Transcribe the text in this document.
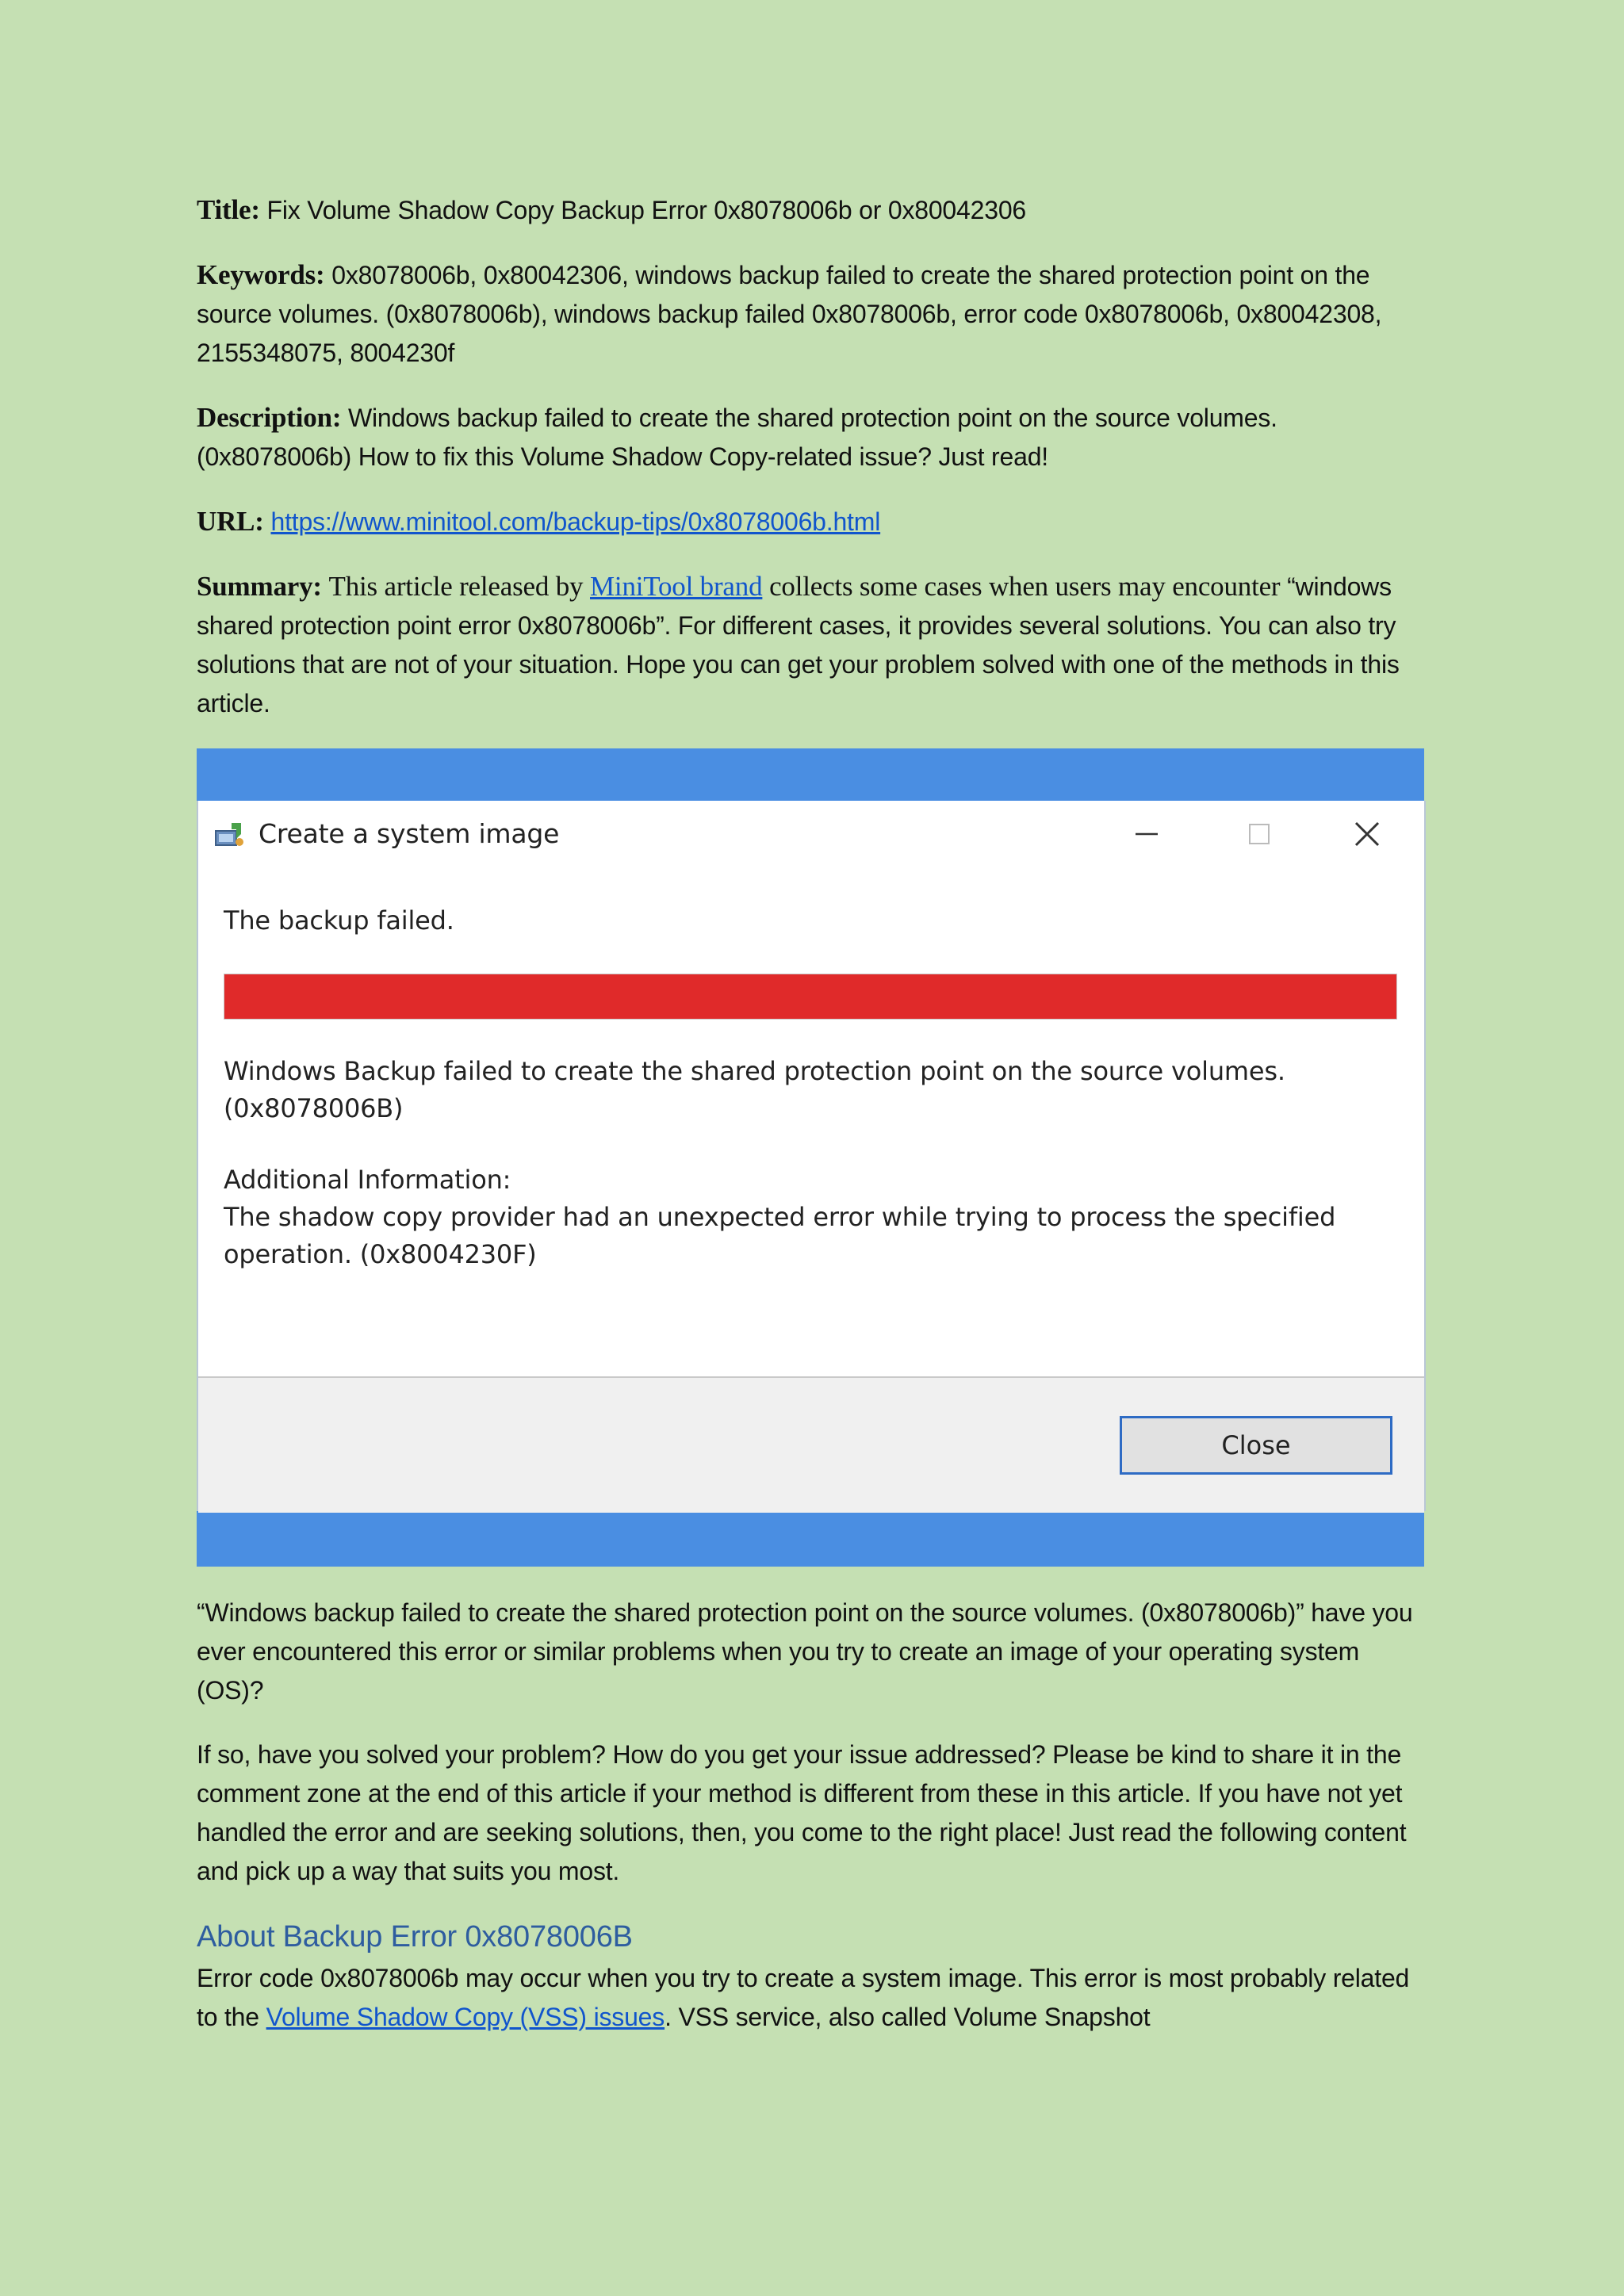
Title: Fix Volume Shadow Copy Backup Error 0x8078006b or 0x80042306

Keywords: 0x8078006b, 0x80042306, windows backup failed to create the shared protection point on the source volumes. (0x8078006b), windows backup failed 0x8078006b, error code 0x8078006b, 0x80042308, 2155348075, 8004230f

Description: Windows backup failed to create the shared protection point on the source volumes. (0x8078006b) How to fix this Volume Shadow Copy-related issue? Just read!

URL: https://www.minitool.com/backup-tips/0x8078006b.html

Summary: This article released by MiniTool brand collects some cases when users may encounter “windows shared protection point error 0x8078006b”. For different cases, it provides several solutions. You can also try solutions that are not of your situation. Hope you can get your problem solved with one of the methods in this article.

Create a system image
The backup failed.

Windows Backup failed to create the shared protection point on the source volumes. (0x8078006B)

Additional Information:

The shadow copy provider had an unexpected error while trying to process the specified operation. (0x8004230F)

Close

“Windows backup failed to create the shared protection point on the source volumes. (0x8078006b)” have you ever encountered this error or similar problems when you try to create an image of your operating system (OS)?

If so, have you solved your problem? How do you get your issue addressed? Please be kind to share it in the comment zone at the end of this article if your method is different from these in this article. If you have not yet handled the error and are seeking solutions, then, you come to the right place! Just read the following content and pick up a way that suits you most.

About Backup Error 0x8078006B

Error code 0x8078006b may occur when you try to create a system image. This error is most probably related to the Volume Shadow Copy (VSS) issues. VSS service, also called Volume Snapshot
